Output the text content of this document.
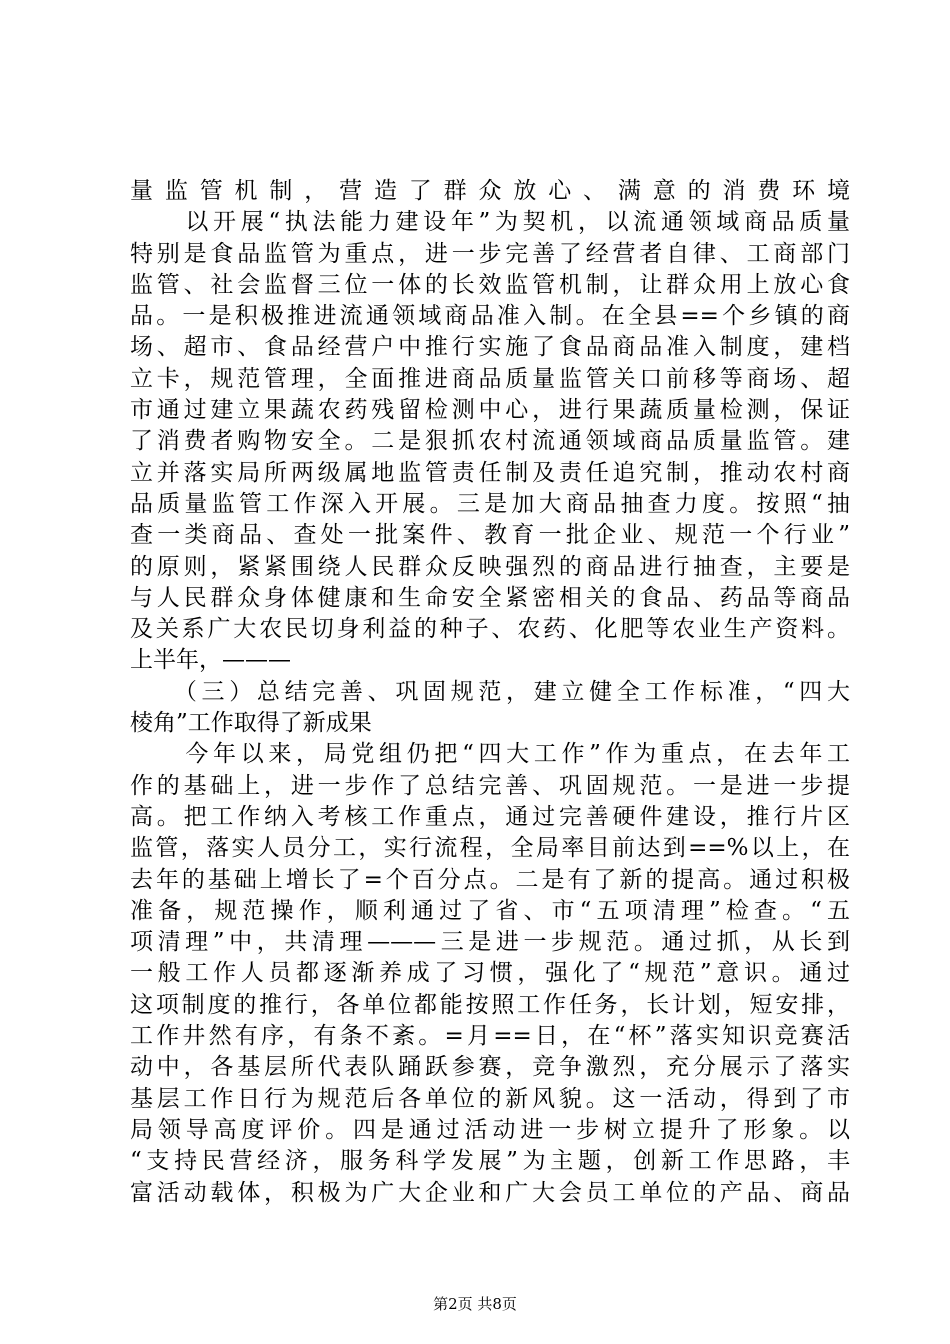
量监管机制，营造了群众放心、满意的消费环境
　　以开展“执法能力建设年”为契机，以流通领域商品质量
特别是食品监管为重点，进一步完善了经营者自律、工商部门
监管、社会监督三位一体的长效监管机制，让群众用上放心食
品。一是积极推进流通领域商品准入制。在全县==个乡镇的商
场、超市、食品经营户中推行实施了食品商品准入制度，建档
立卡，规范管理，全面推进商品质量监管关口前移等商场、超
市通过建立果蔬农药残留检测中心，进行果蔬质量检测，保证
了消费者购物安全。二是狠抓农村流通领域商品质量监管。建
立并落实局所两级属地监管责任制及责任追究制，推动农村商
品质量监管工作深入开展。三是加大商品抽查力度。按照“抽
查一类商品、查处一批案件、教育一批企业、规范一个行业”
的原则，紧紧围绕人民群众反映强烈的商品进行抽查，主要是
与人民群众身体健康和生命安全紧密相关的食品、药品等商品
及关系广大农民切身利益的种子、农药、化肥等农业生产资料。
上半年，———
　　（三）总结完善、巩固规范，建立健全工作标准，“四大
棱角”工作取得了新成果
　　今年以来，局党组仍把“四大工作”作为重点，在去年工
作的基础上，进一步作了总结完善、巩固规范。一是进一步提
高。把工作纳入考核工作重点，通过完善硬件建设，推行片区
监管，落实人员分工，实行流程，全局率目前达到==%以上，在
去年的基础上增长了=个百分点。二是有了新的提高。通过积极
准备，规范操作，顺利通过了省、市“五项清理”检查。“五
项清理”中，共清理———三是进一步规范。通过抓，从长到
一般工作人员都逐渐养成了习惯，强化了“规范”意识。通过
这项制度的推行，各单位都能按照工作任务，长计划，短安排，
工作井然有序，有条不紊。=月==日，在“杯”落实知识竞赛活
动中，各基层所代表队踊跃参赛，竞争激烈，充分展示了落实
基层工作日行为规范后各单位的新风貌。这一活动，得到了市
局领导高度评价。四是通过活动进一步树立提升了形象。以
“支持民营经济，服务科学发展”为主题，创新工作思路，丰
富活动载体，积极为广大企业和广大会员工单位的产品、商品
第2页 共8页
